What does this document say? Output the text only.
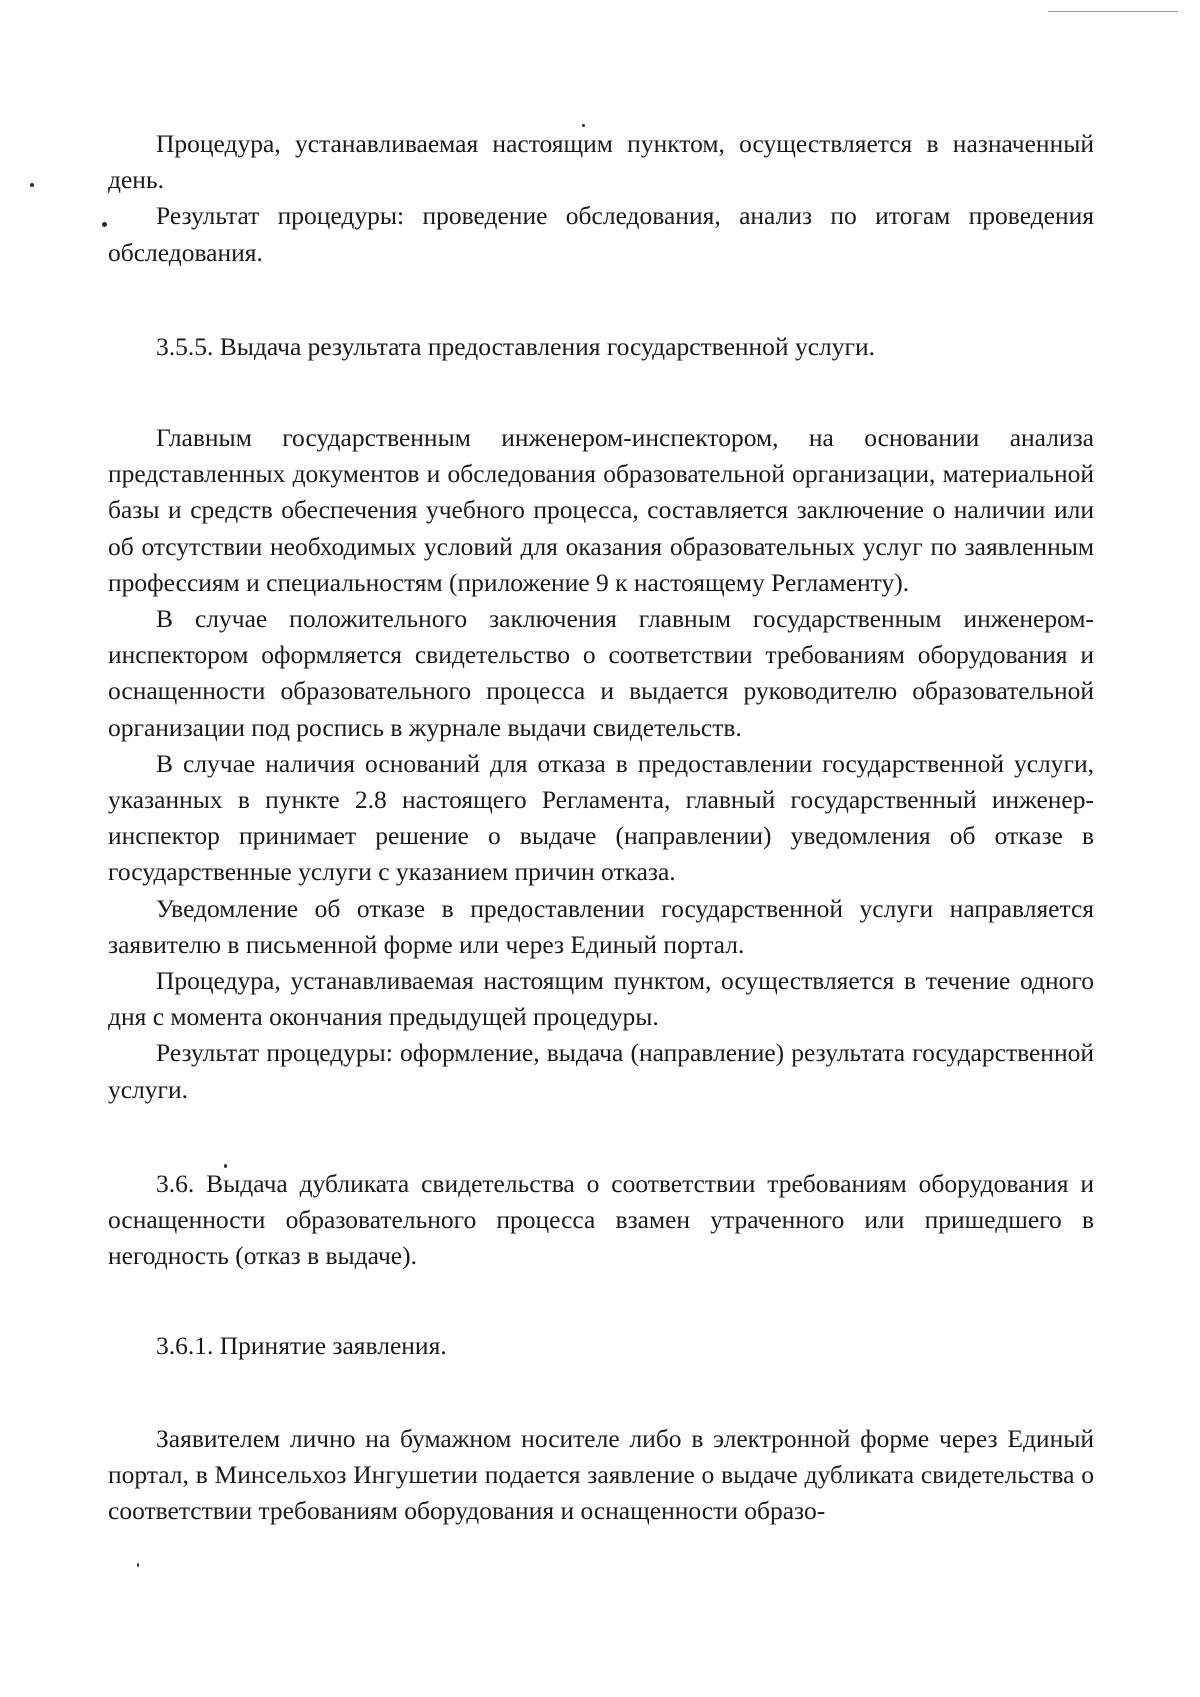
Процедура, устанавливаемая настоящим пунктом, осуществляется в назначенный день.

Результат процедуры: проведение обследования, анализ по итогам проведения обследования.

3.5.5. Выдача результата предоставления государственной услуги.

Главным государственным инженером-инспектором, на основании анализа представленных документов и обследования образовательной организации, материальной базы и средств обеспечения учебного процесса, составляется заключение о наличии или об отсутствии необходимых условий для оказания образовательных услуг по заявленным профессиям и специальностям (приложение 9 к настоящему Регламенту).

В случае положительного заключения главным государственным инженером-инспектором оформляется свидетельство о соответствии требованиям оборудования и оснащенности образовательного процесса и выдается руководителю образовательной организации под роспись в журнале выдачи свидетельств.

В случае наличия оснований для отказа в предоставлении государственной услуги, указанных в пункте 2.8 настоящего Регламента, главный государственный инженер-инспектор принимает решение о выдаче (направлении) уведомления об отказе в государственные услуги с указанием причин отказа.

Уведомление об отказе в предоставлении государственной услуги направляется заявителю в письменной форме или через Единый портал.

Процедура, устанавливаемая настоящим пунктом, осуществляется в течение одного дня с момента окончания предыдущей процедуры.

Результат процедуры: оформление, выдача (направление) результата государственной услуги.

3.6. Выдача дубликата свидетельства о соответствии требованиям оборудования и оснащенности образовательного процесса взамен утраченного или пришедшего в негодность (отказ в выдаче).

3.6.1. Принятие заявления.

Заявителем лично на бумажном носителе либо в электронной форме через Единый портал, в Минсельхоз Ингушетии подается заявление о выдаче дубликата свидетельства о соответствии требованиям оборудования и оснащенности образо-
